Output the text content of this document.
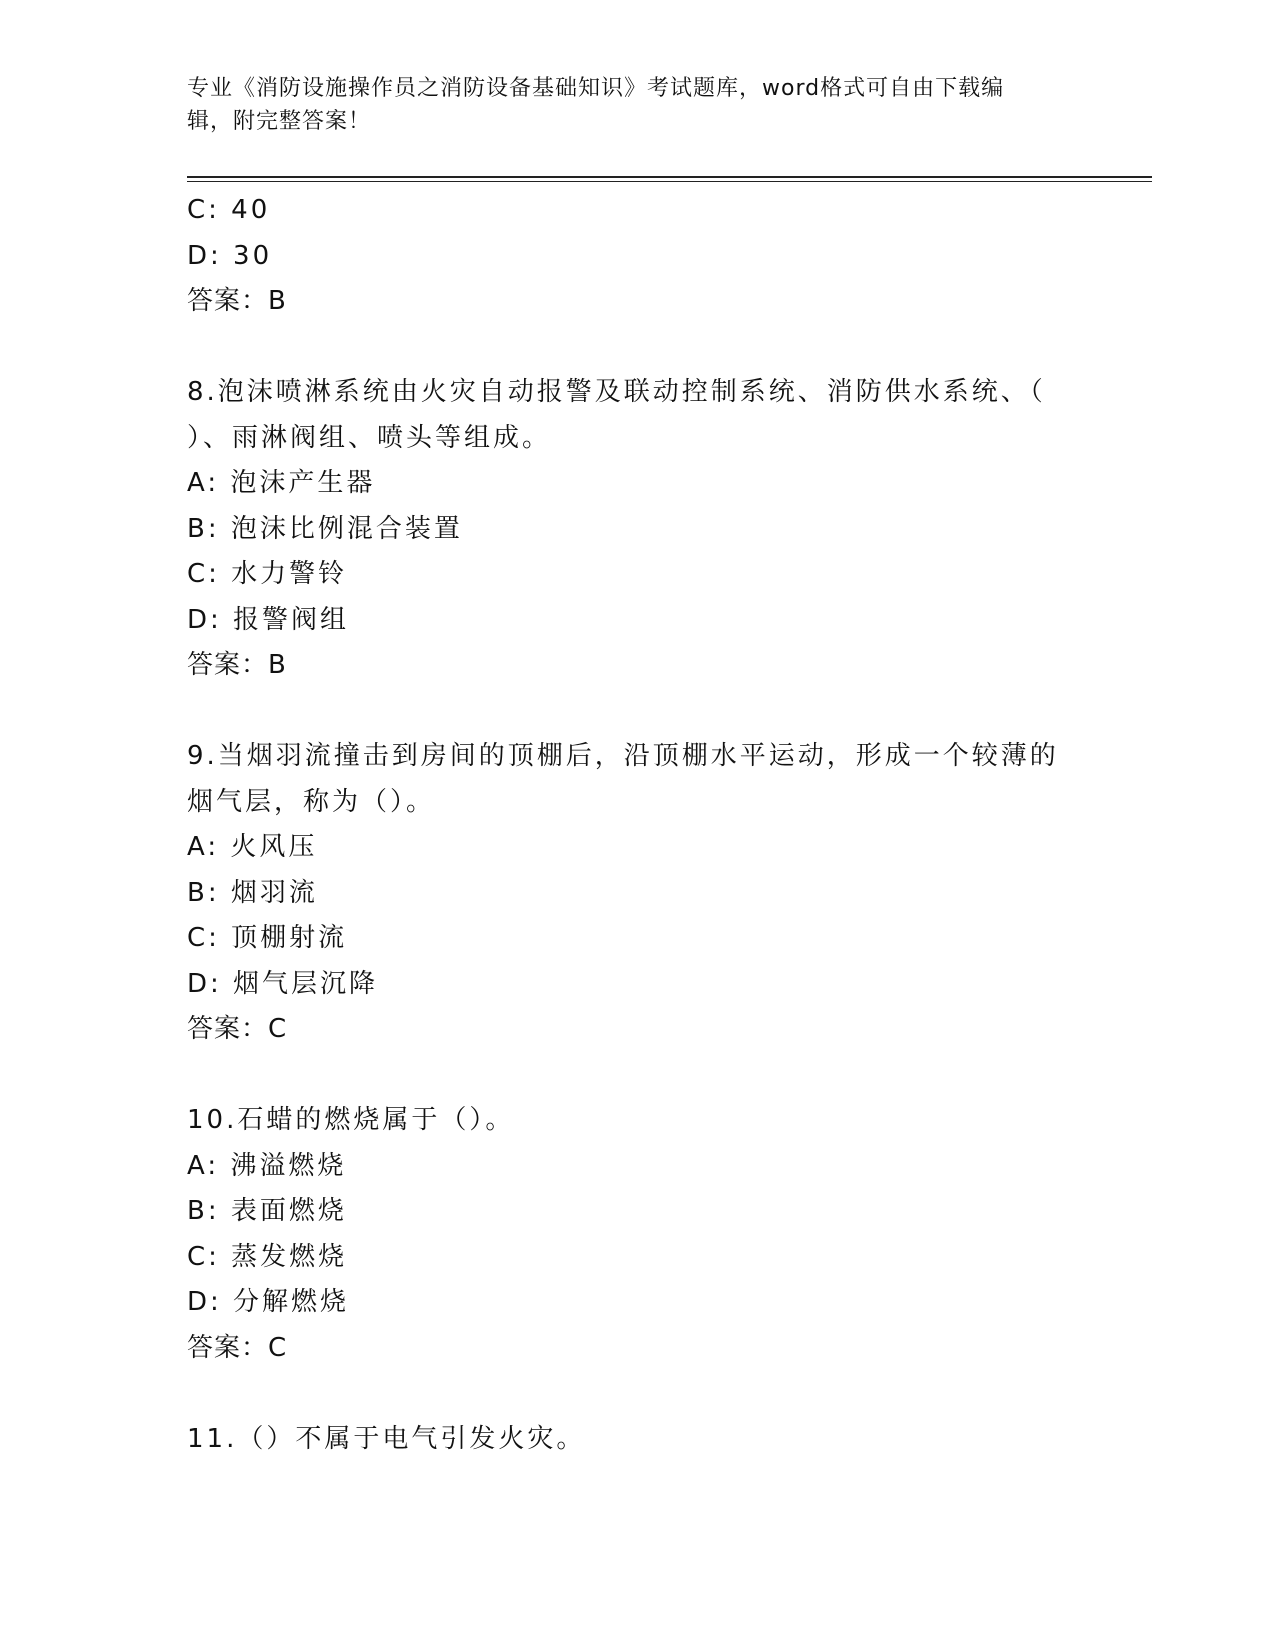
专业《消防设施操作员之消防设备基础知识》考试题库，word格式可自由下载编
辑，附完整答案！
C: 40
D: 30
答案：B
8.泡沫喷淋系统由火灾自动报警及联动控制系统、消防供水系统、（
）、雨淋阀组、喷头等组成。
A: 泡沫产生器
B: 泡沫比例混合装置
C: 水力警铃
D: 报警阀组
答案：B
9.当烟羽流撞击到房间的顶棚后，沿顶棚水平运动，形成一个较薄的
烟气层，称为（）。
A: 火风压
B: 烟羽流
C: 顶棚射流
D: 烟气层沉降
答案：C
10.石蜡的燃烧属于（）。
A: 沸溢燃烧
B: 表面燃烧
C: 蒸发燃烧
D: 分解燃烧
答案：C
11.（）不属于电气引发火灾。
